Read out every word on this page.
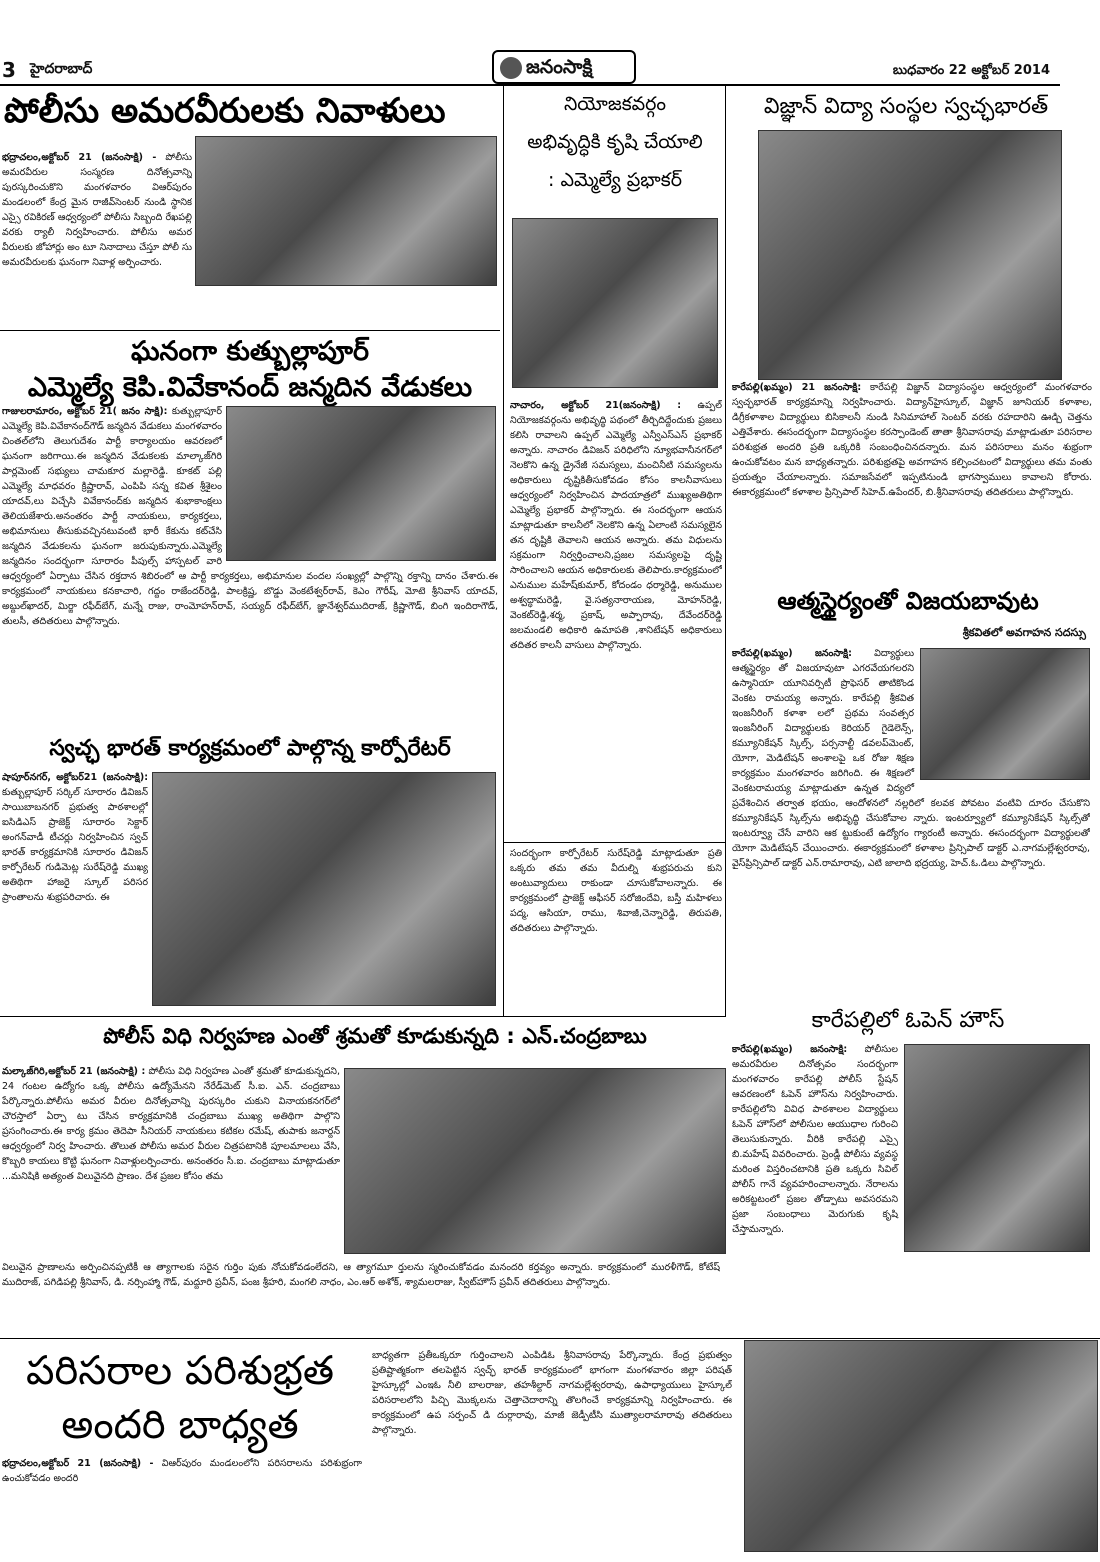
3 హైదరాబాద్	జనంసాక్షి	బుధవారం 22 అక్టోబర్ 2014
పోలీసు అమరవీరులకు నివాళులు
భద్రాచలం,అక్టోబర్ 21 (జనంసాక్షి) - పోలీసు అమరవీరుల సంస్మరణ దినోత్సవాన్ని పురస్కరించుకొని మంగళవారం విఆర్‌పురం మండలంలో కేంద్ర మైన రాజీవ్‌సెంటర్ నుండి స్థానిక ఎస్సై రవికిరణ్ ఆధ్వర్యంలో పోలీసు సిబ్బంది రేఖపల్లి వరకు ర్యాలీ నిర్వహించారు. పోలీసు అమర వీరులకు జోహార్లు అం టూ నినాదాలు చేస్తూ పోలీ సు అమరవీరులకు ఘనంగా నివాళ్ల అర్పించారు.
ఘనంగా కుత్బుల్లాపూర్
ఎమ్మెల్యే కెపి.వివేకానంద్ జన్మదిన వేడుకలు
గాజులరామారం, అక్టోబర్ 21( జనం సాక్షి): కుత్బుల్లాపూర్ ఎమ్మెల్యే కెపి.వివేకానంద్‌గౌడ్ జన్మదిన వేడుకలు మంగళవారం చింతల్‌లోని తెలుగుదేశం పార్టీ కార్యాలయం ఆవరణలో ఘనంగా జరిగాయి.ఈ జన్మదిన వేడుకలకు మాల్కాజ్‌గిరి పార్లమెంట్ సభ్యులు చామకూర మల్లారెడ్డి. కూకట్ పల్లి ఎమ్మెల్యే మాధవరం క్రిష్ణారావ్, ఎంపిపి సన్న కవిత శ్రీశైలం యాదవ్,లు విచ్చేసి వివేకానంద్‌కు జన్మదిన శుభాకాంక్షలు తెలియజేశారు.అనంతరం పార్టీ నాయకులు, కార్యకర్తలు, అభిమానులు తీసుకువచ్చినటువంటి భారీ కేకును కట్‌చేసి జన్మదిన వేడుకలను ఘనంగా జరుపుకున్నారు.ఎమ్మెల్యే జన్మదినం సందర్భంగా సూరారం పీపుల్స్ హాస్పటల్ వారి ఆధ్వర్యంలో ఏర్పాటు చేసిన రక్తదాన శిబిరంలో ఆ పార్టీ కార్యకర్తలు, అభిమానుల వందల సంఖ్యల్లో పాల్గొన్ని రక్తాన్ని దానం చేశారు.ఈ కార్యక్రమంలో నాయకులు కనకాచారి, గద్దం రాజేందర్‌రెడ్డి, పాలక్రిష్ణ, బొడ్డు వెంకటేశ్వర్‌రావ్, కెఎం గౌరీష్, మోటె శ్రీనివాస్ యాదవ్, అబ్దుల్‌ఖాదర్, మిర్జా రఫీద్‌బేగ్, మన్నే రాజు, రాంమోహన్‌రావ్, సయ్యద్ రఫీద్‌బేగ్, జ్ఞానేశ్వర్‌ముదిరాజ్, క్రిష్ణాగౌడ్, బింగి ఇందిరాగౌడ్, తులసీ, తదితరులు పాల్గొన్నారు.
స్వచ్ఛ భారత్ కార్యక్రమంలో పాల్గొన్న కార్పోరేటర్
షాపూర్‌నగర్, అక్టోబర్21 (జనంసాక్షి): కుత్బుల్లాపూర్ సర్కిల్ సూరారం డివిజన్ సాయిబాబనగర్ ప్రభుత్వ పాఠశాలల్లో ఐసిడిఎస్ ప్రాజెక్ట్ సూరారం సెక్టార్ అంగన్‌వాడీ టీచర్లు నిర్వహించిన స్వచ్ భారత్ కార్యక్రమానికి సూరారం డివిజన్ కార్పోరేటర్ గుడిమెట్ల సురేష్‌రెడ్డి ముఖ్య అతిథిగా హాజరై స్కూల్ పరిసర ప్రాంతాలను శుభ్రపరిచారు. ఈ
నియోజకవర్గం
అభివృద్ధికి కృషి చేయాలి
: ఎమ్మెల్యే ప్రభాకర్
నాచారం, అక్టోబర్ 21(జనంసాక్షి) : ఉప్పల్ నియోజకవర్గంను అభివృద్ధి పథంలో తీర్చిదిద్దేందుకు ప్రజలు కలిసి రావాలని ఉప్పల్ ఎమ్మెల్యే ఎన్వీఎస్‌ఎస్ ప్రభాకర్ అన్నారు. నాచారం డివిజన్ పరిధిలోని న్యూభవానీనగర్‌లో నెలకొని ఉన్న డ్రైనేజీ సమస్యలు, మంచినీటి సమస్యలను అధికారులు దృష్టికితీసుకోవడం కోసం కాలనీవాసులు ఆధ్వర్యంలో నిర్వహించిన పాదయాత్రలో ముఖ్యఅతిథిగా ఎమ్మెల్యే ప్రభాకర్ పాల్గొన్నారు. ఈ సందర్భంగా ఆయన మాట్లాడుతూ కాలనీలో నెలకొని ఉన్న ఏలాంటి సమస్యలైన తన దృష్టికి తెవాలని ఆయన అన్నారు. తమ విధులను సక్రమంగా నిర్వర్తించాలని,ప్రజల సమస్యలపై దృష్టి సారించాలని ఆయన అధికారులకు తెలిపారు.కార్యక్రమంలో ఎనుముల మహేష్‌కుమార్, కోదండం ధర్మారెడ్డి, అనుముల అశ్వద్ధామరెడ్డి, వై.సత్యనారాయణ, మోహన్‌రెడ్డి, వెంకట్‌రెడ్డి,శర్మ, ప్రకాష్, అప్పారావు, దేవేందర్‌రెడ్డి జలమండలి అధికారి ఉమాపతి ,శానిటేషన్ అధికారులు తదితర కాలనీ వాసులు పాల్గొన్నారు.
సందర్భంగా కార్పోరేటర్ సురేష్‌రెడ్డి మాట్లాడుతూ ప్రతి ఒక్కరు తమ తమ వీదుల్ని శుభ్రపరుచు కుని అంటువ్యాదులు రాకుండా చూసుకోవాలన్నారు. ఈ కార్యక్రమంలో ప్రాజెక్ట్ ఆఫీసర్ సరోజిందేవి, బస్తీ మహిళలు పద్మ, ఆసియా, రాము, శివాజీ,చెన్నారెడ్డి, తిరుపతి, తదితరులు పాల్గొన్నారు.
విజ్ఞాన్ విద్యా సంస్థల స్వచ్ఛభారత్
కారేపల్లి(ఖమ్మం) 21 జనంసాక్షి: కారేపల్లి విజ్ఞాన్ విద్యాసంస్థల ఆధ్వర్యంలో మంగళవారం స్వచ్ఛభారత్ కార్యక్రమాన్ని నిర్వహించారు. విద్యాన్‌హైస్కూల్, విజ్ఞాన్ జూనియర్ కళాశాల, డిగ్రీకళాశాల విద్యార్థులు బిసికాలనీ నుండి సినిమాహాల్ సెంటర్ వరకు రహదారిని ఊడ్చి చెత్తను ఎత్తివేశారు. ఈసందర్భంగా విద్యాసంస్థల కరస్పాండెంట్ తాతా శ్రీనివాసరావు మాట్లాడుతూ పరిసరాల పరిశుభ్రత అందరి ప్రతి ఒక్కరికి సంబంధించినదన్నారు. మన పరిసరాలు మనం శుభ్రంగా ఉంచుకోవటం మన బాధ్యతన్నారు. పరిశుభ్రతపై అవగాహన కల్పించటంలో విద్యార్థులు తమ వంతు ప్రయత్నం చేయాలన్నారు. సమాజసేవలో ఇప్పటినుండి భాగస్వాములు కావాలని కోరారు. ఈకార్యక్రమంలో కళాశాల ప్రిన్సిపాల్ సిహెచ్.ఉపేందర్, బి.శ్రీనివాసరావు తదితరులు పాల్గొన్నారు.
ఆత్మస్థైర్యంతో విజయబావుట
శ్రీకవితలో అవగాహన సదస్సు
కారేపల్లి(ఖమ్మం) జనంసాక్షి: విద్యార్థులు ఆత్మస్థైర్యం తో విజయావుటా ఎగరవేయగలరని ఉస్మానియా యూనివర్సిటీ ప్రొఫెసర్ తాటికొండ వెంకట రామయ్య అన్నారు. కారేపల్లి శ్రీకవిత ఇంజనీరింగ్ కళాశా లలో ప్రథమ సంవత్సర ఇంజనీరింగ్ విద్యార్థులకు కెరియర్ గైడెలెన్స్, కమ్యూనికేషన్ స్కిల్స్, పర్సనాల్టీ డవలప్‌మెంట్, యోగా, మెడిటేషన్ అంశాలపై ఒక రోజు శిక్షణ కార్యక్రమం మంగళవారం జరిగింది. ఈ శిక్షణలో వెంకటరామయ్య మాట్లాడుతూ ఉన్నత విద్యలో ప్రవేశించిన తర్వాత భయం, ఆందోళనలో నల్లరిలో కలవక పోవటం వంటివి దూరం చేసుకొని కమ్యూనికేషన్ స్కిల్స్‌ను అభివృద్ధి చేసుకోవాల న్నారు. ఇంటర్వ్యూలో కమ్యూనికేషన్ స్కిల్స్‌తో ఇంటర్వ్యూ చేసే వారిని ఆక ట్టుకుంటే ఉద్యోగం గ్యారంటీ అన్నారు. ఈసందర్భంగా విద్యార్థులతో యోగా మెడిటేషన్ చేయించారు. ఈకార్యక్రమంలో కళాశాల ప్రిన్సిపాల్ డాక్టర్ ఎ.నాగమల్లేశ్వరరావు, వైస్‌ప్రిన్సిపాల్ డాక్టర్ ఎన్.రామారావు, ఎటి జాలాది భద్రయ్య, హెచ్.ఓ.డిలు పాల్గొన్నారు.
కారేపల్లిలో ఓపెన్ హౌస్
కారేపల్లి(ఖమ్మం) జనంసాక్షి: పోలీసుల అమరవీరుల దినోత్సవం సందర్భంగా మంగళవారం కారేపల్లి పోలీస్ స్టేషన్ ఆవరణంలో ఓపెన్ హౌస్‌ను నిర్వహించారు. కారేపల్లిలోని వివిధ పాఠశాలల విద్యార్థులు ఓపెన్ హౌస్‌లో పోలీసుల ఆయుధాల గురించి తెలుసుకున్నారు. వీరికి కారేపల్లి ఎస్సై బి.మహేష్ వివరించారు. ప్రెండ్లీ పోలీసు వ్యవస్థ మరింత విస్తరించటానికి ప్రతి ఒక్కరు సివిల్ పోలీస్ గానే వ్యవహరించాలన్నారు. నేరాలను అరికట్టటంలో ప్రజల తోడ్పాటు అవసరమని ప్రజా సంబంధాలు మెరుగుకు కృషి చేస్తామన్నారు.
పోలీస్ విధి నిర్వహణ ఎంతో శ్రమతో కూడుకున్నది : ఎన్.చంద్రబాబు
మల్కాజ్‌గిరి,అక్టోబర్ 21 (జనంసాక్షి) : పోలీసు విధి నిర్వహణ ఎంతో శ్రమతో కూడుకున్నదని, 24 గంటల ఉద్యోగం ఒక్క పోలీసు ఉద్యోమేనని నేరేడ్‌మెట్ సీ.ఐ. ఎన్. చంద్రబాబు పేర్కొన్నారు.పోలీసు అమర వీరుల దినోత్సవాన్ని పురస్కరిం చుకుని వినాయకనగర్‌లో చౌరస్తాలో ఏర్పా టు చేసిన కార్యక్రమానికి చంద్రబాబు ముఖ్య అతిథిగా పాల్గొని ప్రసంగించారు.ఈ కార్య క్రమం తెదెపా సీనియర్ నాయకులు కటికల రమేష్, తుపాకు జనార్దన్ ఆధ్వర్యంలో నిర్వ హించారు. తొలుత పోలీసు అమర వీరుల చిత్రపటానికి పూలమాలలు వేసి, కొబ్బరి కాయలు కొట్టి ఘనంగా నివాళ్లులర్పించారు. అనంతరం సీ.ఐ. చంద్రబాబు మాట్లాడుతూ ...మనిషికి అత్యంత విలువైనది ప్రాణం. దేశ ప్రజల కోసం తమ
విలువైన ప్రాణాలను అర్పించినప్పటికీ ఆ త్యాగాలకు సరైన గుర్తిం పుకు నోచుకోవడంలేదని, ఆ త్యాగమూ ర్తులను స్మరించుకోవడం మనందరి కర్తవ్యం అన్నారు. కార్యక్రమంలో మురళీగౌడ్, కోటేష్ ముదిరాజ్, పగిడిపల్లి శ్రీనివాస్, డి. నర్సింహ్మా గౌడ్, మద్దూరి ప్రవీన్, పంజ శ్రీహరి, మంగలి నాధం, ఎం.ఆర్ అశోక్, శ్యామలరాజు, స్వీట్‌హౌస్ ప్రవీన్ తదితరులు పాల్గొన్నారు.
పరిసరాల పరిశుభ్రత
అందరి బాధ్యత
భద్రాచలం,అక్టోబర్ 21 (జనంసాక్షి) - విఆర్‌పురం మండలంలోని పరిసరాలను పరిశుభ్రంగా ఉంచుకోవడం అందరి
బాధ్యతగా ప్రతీఒక్కరూ గుర్తించాలని ఎంపిడిఓ శ్రీనివాసరావు పేర్కొన్నారు. కేంద్ర ప్రభుత్వం ప్రతిష్టాత్మకంగా తలపెట్టిన స్వచ్ఛ్ భారత్ కార్యక్రమంలో భాగంగా మంగళవారం జిల్లా పరిషత్ హైస్కూల్లో ఎంఇఓ నీలి బాలరాజు, తహశీల్దార్ నాగమల్లేశ్వరరావు, ఉపాధ్యాయులు హైస్కూల్ పరిసరాలలోని పిచ్చి మొక్కలను చెత్తాచెదారాన్ని తొలగించే కార్యక్రమాన్ని నిర్వహించారు. ఈ కార్యక్రమంలో ఉప సర్పంచ్ డి దుర్గారావు, మాజీ జెడ్పీటీసి ముత్యాలరామారావు తదితరులు పాల్గొన్నారు.
